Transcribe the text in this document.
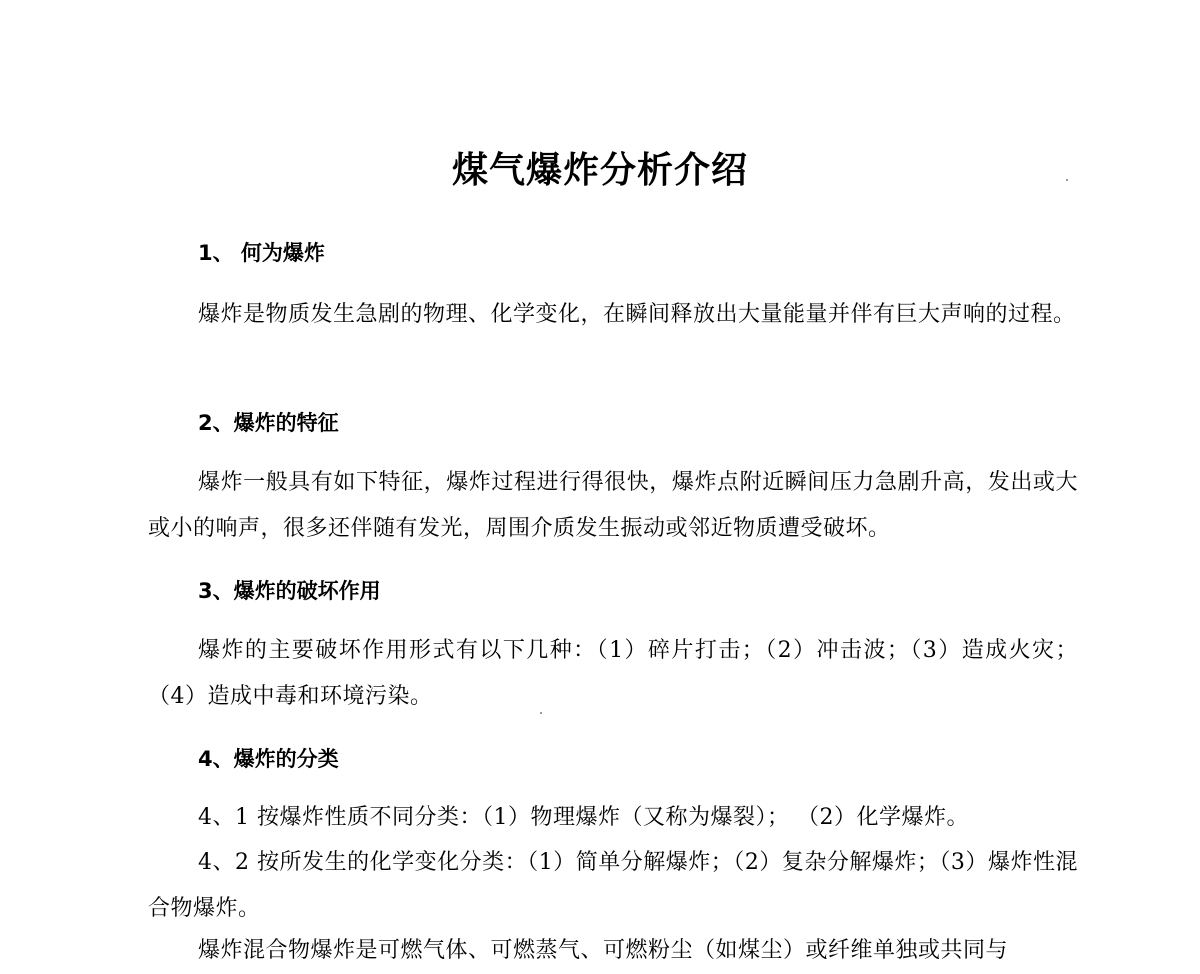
煤气爆炸分析介绍
1、 何为爆炸
爆炸是物质发生急剧的物理、化学变化，在瞬间释放出大量能量并伴有巨大声响的过程。
2、爆炸的特征
爆炸一般具有如下特征，爆炸过程进行得很快，爆炸点附近瞬间压力急剧升高，发出或大或小的响声，很多还伴随有发光，周围介质发生振动或邻近物质遭受破坏。
3、爆炸的破坏作用
爆炸的主要破坏作用形式有以下几种：（1）碎片打击；（2）冲击波；（3）造成火灾；（4）造成中毒和环境污染。
4、爆炸的分类
4、1 按爆炸性质不同分类：（1）物理爆炸（又称为爆裂）； （2）化学爆炸。
4、2 按所发生的化学变化分类：（1）简单分解爆炸；（2）复杂分解爆炸；（3）爆炸性混合物爆炸。
爆炸混合物爆炸是可燃气体、可燃蒸气、可燃粉尘（如煤尘）或纤维单独或共同与
